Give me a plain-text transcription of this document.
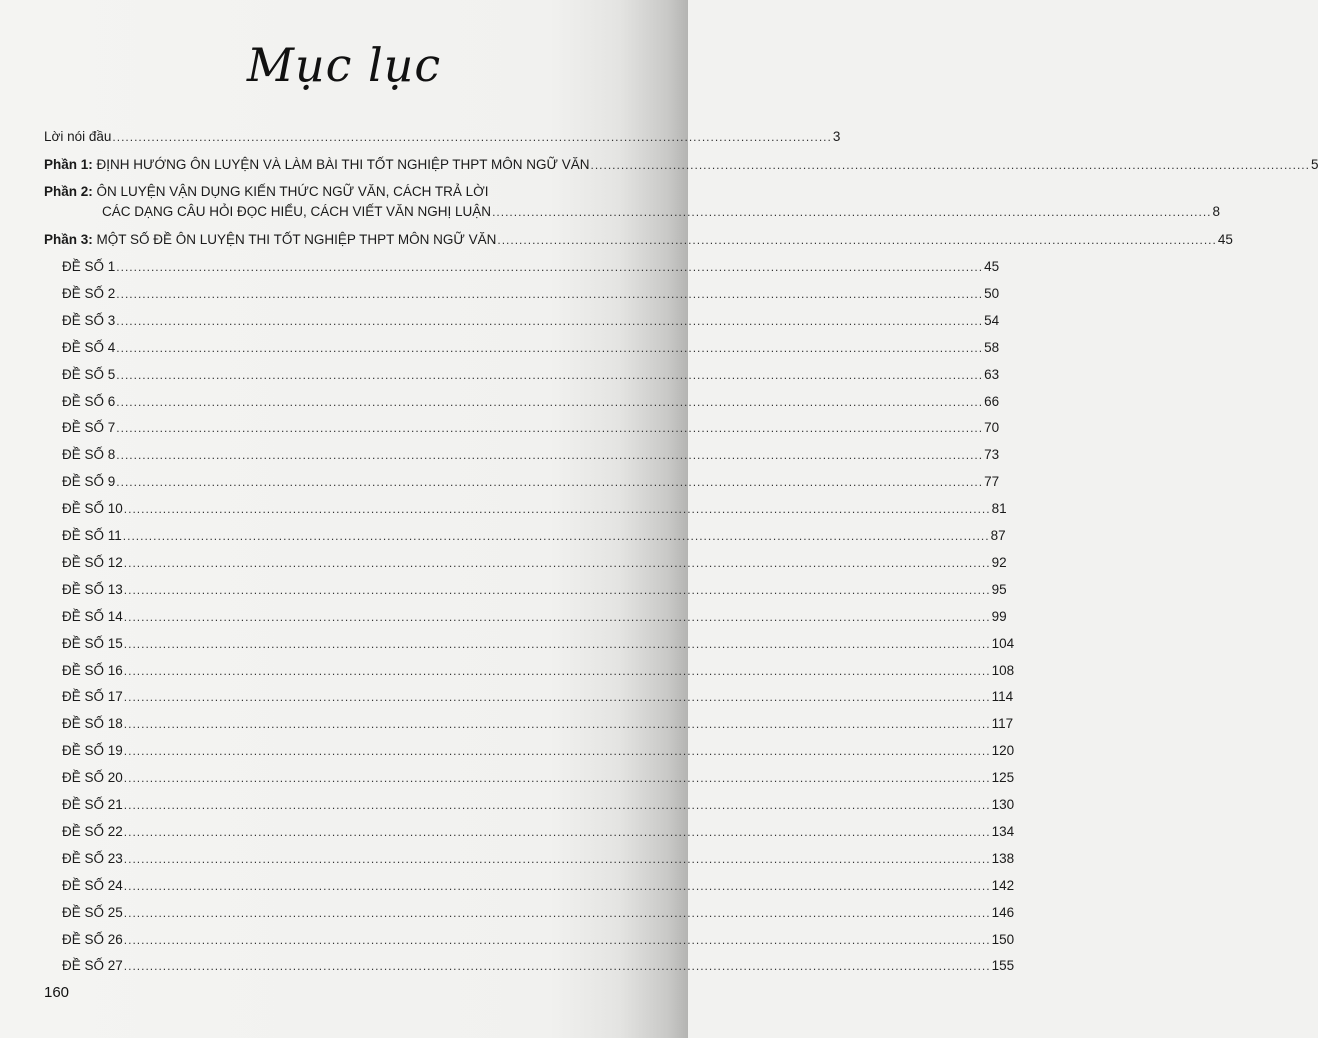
Mục lục
Lời nói đầu ...................................................................................................................................................................... 3
Phần 1: ĐỊNH HƯỚNG ÔN LUYỆN VÀ LÀM BÀI THI TỐT NGHIỆP THPT MÔN NGỮ VĂN ...................................................................................................................................................................... 5
Phần 2: ÔN LUYỆN VẬN DỤNG KIẾN THỨC NGỮ VĂN, CÁCH TRẢ LỜI
CÁC DẠNG CÂU HỎI ĐỌC HIỂU, CÁCH VIẾT VĂN NGHỊ LUẬN ...................................................................................................................................................................... 8
Phần 3: MỘT SỐ ĐỀ ÔN LUYỆN THI TỐT NGHIỆP THPT MÔN NGỮ VĂN ...................................................................................................................................................................... 45
ĐỀ SỐ 1 ........................................................................................................................................................................................................ 45
ĐỀ SỐ 2 ........................................................................................................................................................................................................ 50
ĐỀ SỐ 3 ........................................................................................................................................................................................................ 54
ĐỀ SỐ 4 ........................................................................................................................................................................................................ 58
ĐỀ SỐ 5 ........................................................................................................................................................................................................ 63
ĐỀ SỐ 6 ........................................................................................................................................................................................................ 66
ĐỀ SỐ 7 ........................................................................................................................................................................................................ 70
ĐỀ SỐ 8 ........................................................................................................................................................................................................ 73
ĐỀ SỐ 9 ........................................................................................................................................................................................................ 77
ĐỀ SỐ 10 ........................................................................................................................................................................................................ 81
ĐỀ SỐ 11 ........................................................................................................................................................................................................ 87
ĐỀ SỐ 12 ........................................................................................................................................................................................................ 92
ĐỀ SỐ 13 ........................................................................................................................................................................................................ 95
ĐỀ SỐ 14 ........................................................................................................................................................................................................ 99
ĐỀ SỐ 15 ........................................................................................................................................................................................................ 104
ĐỀ SỐ 16 ........................................................................................................................................................................................................ 108
ĐỀ SỐ 17 ........................................................................................................................................................................................................ 114
ĐỀ SỐ 18 ........................................................................................................................................................................................................ 117
ĐỀ SỐ 19 ........................................................................................................................................................................................................ 120
ĐỀ SỐ 20 ........................................................................................................................................................................................................ 125
ĐỀ SỐ 21 ........................................................................................................................................................................................................ 130
ĐỀ SỐ 22 ........................................................................................................................................................................................................ 134
ĐỀ SỐ 23 ........................................................................................................................................................................................................ 138
ĐỀ SỐ 24 ........................................................................................................................................................................................................ 142
ĐỀ SỐ 25 ........................................................................................................................................................................................................ 146
ĐỀ SỐ 26 ........................................................................................................................................................................................................ 150
ĐỀ SỐ 27 ........................................................................................................................................................................................................ 155
160
